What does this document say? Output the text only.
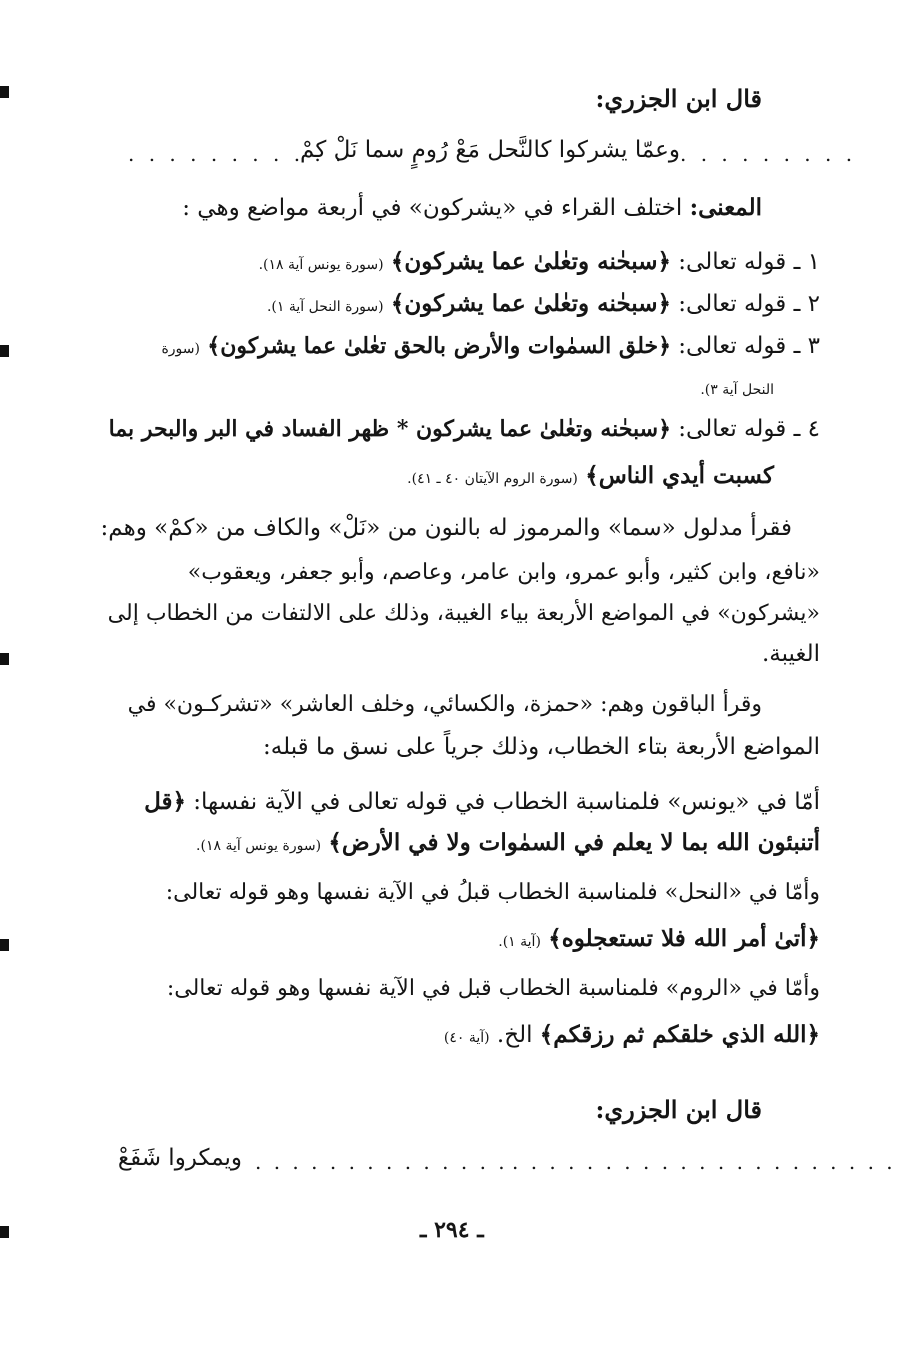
قال ابن الجزري:
. . . . . . . . . . .
وعمّا يشركوا كالنَّحل مَعْ رُومٍ سما نَلْ كمْ . . . . . . . . .
المعنى: اختلف القراء في «يشركون» في أربعة مواضع وهي :
١ ـ قوله تعالى: ﴿سبحٰنه وتعٰلىٰ عما يشركون﴾ (سورة يونس آية ١٨).
٢ ـ قوله تعالى: ﴿سبحٰنه وتعٰلىٰ عما يشركون﴾ (سورة النحل آية ١).
٣ ـ قوله تعالى: ﴿خلق السمٰوات والأرض بالحق تعٰلىٰ عما يشركون﴾ (سورة
النحل آية ٣).
٤ ـ قوله تعالى: ﴿سبحٰنه وتعٰلىٰ عما يشركون * ظهر الفساد في البر والبحر بما
كسبت أيدي الناس﴾ (سورة الروم الآيتان ٤٠ ـ ٤١).
فقرأ مدلول «سما» والمرموز له بالنون من «نَلْ» والكاف من «كمْ» وهم:
«نافع، وابن كثير، وأبو عمرو، وابن عامر، وعاصم، وأبو جعفر، ويعقوب»
«يشركون» في المواضع الأربعة بياء الغيبة، وذلك على الالتفات من الخطاب إلى
الغيبة.
وقرأ الباقون وهم: «حمزة، والكسائي، وخلف العاشر» «تشركـون» في
المواضع الأربعة بتاء الخطاب، وذلك جرياً على نسق ما قبله:
أمّا في «يونس» فلمناسبة الخطاب في قوله تعالى في الآية نفسها: ﴿قل
أتنبئون الله بما لا يعلم في السمٰوات ولا في الأرض﴾ (سورة يونس آية ١٨).
وأمّا في «النحل» فلمناسبة الخطاب قبلُ في الآية نفسها وهو قوله تعالى:
﴿أتىٰ أمر الله فلا تستعجلوه﴾ (آية ١).
وأمّا في «الروم» فلمناسبة الخطاب قبل في الآية نفسها وهو قوله تعالى:
﴿الله الذي خلقكم ثم رزقكم﴾ الخ. (آية ٤٠)
قال ابن الجزري:
. . . . . . . . . . . . . . . . . . . . .
. . . . . . . . . . . . . .
ويمكروا شَفَعْ
ـ ٢٩٤ ـ
